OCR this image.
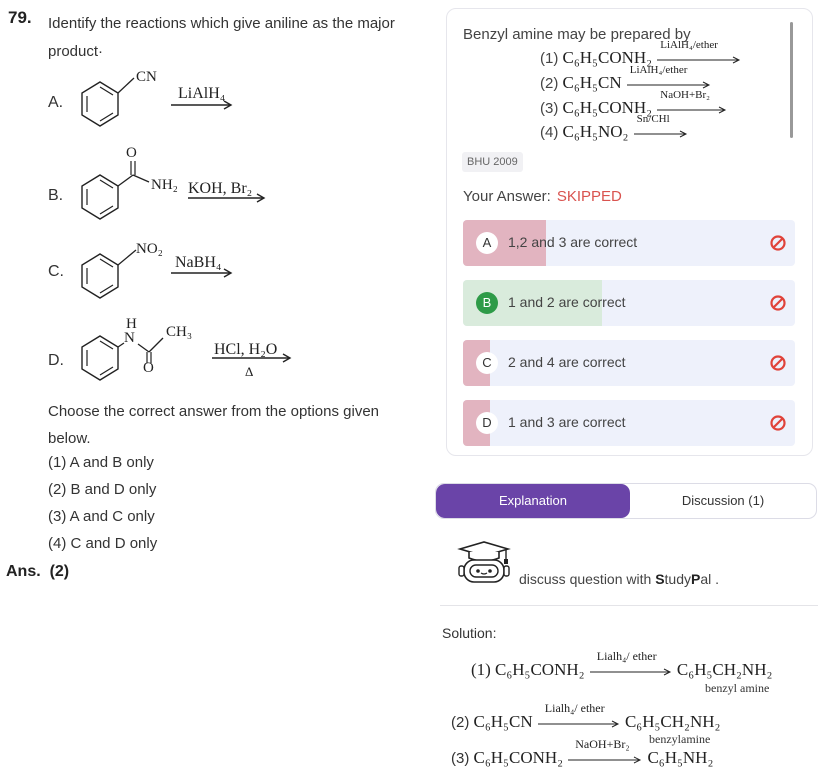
79. Identify the reactions which give aniline as the major product·
A.
CN
LiAlH₄
B.
O
NH₂ KOH, Br₂
C.
NO₂
NaBH₄
D.
H
N CH₃
O
HCl, H₂O
Δ
Choose the correct answer from the options given below.
(1) A and B only
(2) B and D only
(3) A and C only
(4) C and D only
Ans. (2)
Benzyl amine may be prepared by
(1) C₆H₅CONH₂
LiAlH₄/ether
(2) C₆H₅CN
LiAlH₄/ether
(3) C₆H₅CONH₂
NaOH+Br₂
(4) C₆H₅NO₂
Sn/CHl
BHU 2009
Your Answer: SKIPPED
A	1,2 and 3 are correct
B	1 and 2 are correct
C	2 and 4 are correct
D	1 and 3 are correct
Explanation	Discussion (1)
discuss question with StudyPal .
Solution:
(1) C₆H₅CONH₂
Lialh₄/ ether
C₆H₅CH₂NH₂
benzyl amine
(2) C₆H₅CN
Lialh₄/ ether
C₆H₅CH₂NH₂
benzylamine
(3) C₆H₅CONH₂
NaOH+Br₂
C₆H₅NH₂
